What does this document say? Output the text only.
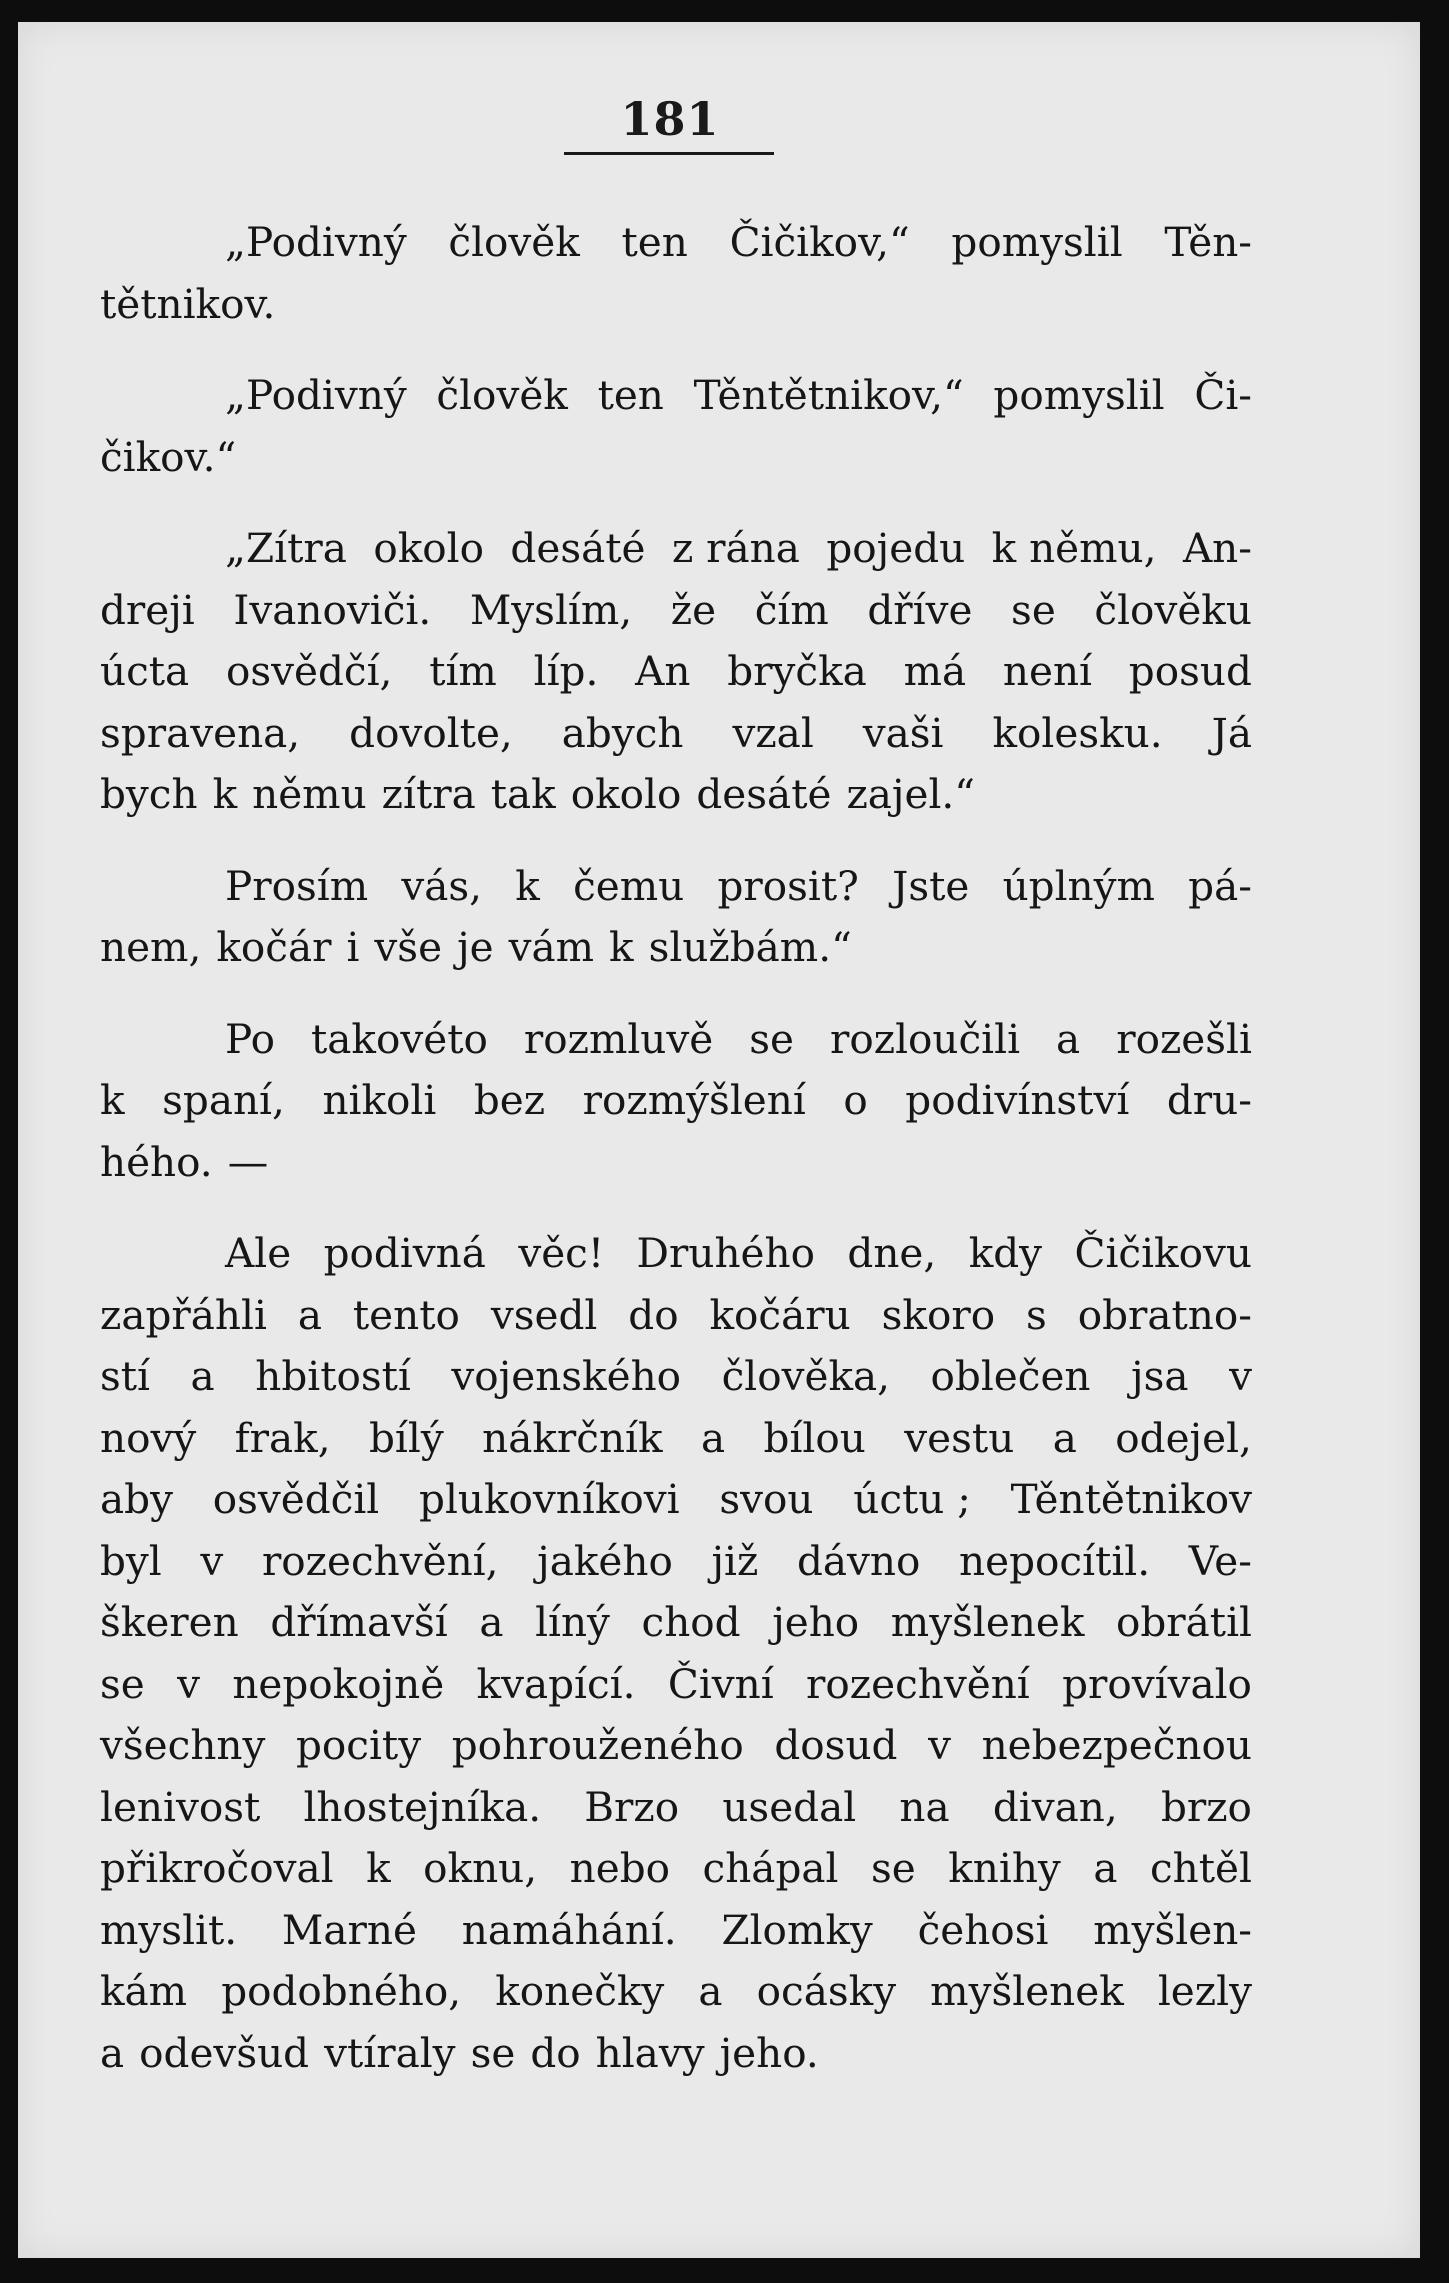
181
„Podivný člověk ten Čičikov,“ pomyslil Těn-
tětnikov.
„Podivný člověk ten Těntětnikov,“ pomyslil Či-
čikov.“
„Zítra okolo desáté z rána pojedu k němu, An-
dreji Ivanoviči. Myslím, že čím dříve se člověku
úcta osvědčí, tím líp. An bryčka má není posud
spravena, dovolte, abych vzal vaši kolesku. Já
bych k němu zítra tak okolo desáté zajel.“
Prosím vás, k čemu prosit? Jste úplným pá-
nem, kočár i vše je vám k službám.“
Po takovéto rozmluvě se rozloučili a rozešli
k spaní, nikoli bez rozmýšlení o podivínství dru-
hého. —
Ale podivná věc! Druhého dne, kdy Čičikovu
zapřáhli a tento vsedl do kočáru skoro s obratno-
stí a hbitostí vojenského člověka, oblečen jsa v
nový frak, bílý nákrčník a bílou vestu a odejel,
aby osvědčil plukovníkovi svou úctu ; Těntětnikov
byl v rozechvění, jakého již dávno nepocítil. Ve-
škeren dřímavší a líný chod jeho myšlenek obrátil
se v nepokojně kvapící. Čivní rozechvění provívalo
všechny pocity pohrouženého dosud v nebezpečnou
lenivost lhostejníka. Brzo usedal na divan, brzo
přikročoval k oknu, nebo chápal se knihy a chtěl
myslit. Marné namáhání. Zlomky čehosi myšlen-
kám podobného, konečky a ocásky myšlenek lezly
a odevšud vtíraly se do hlavy jeho.
